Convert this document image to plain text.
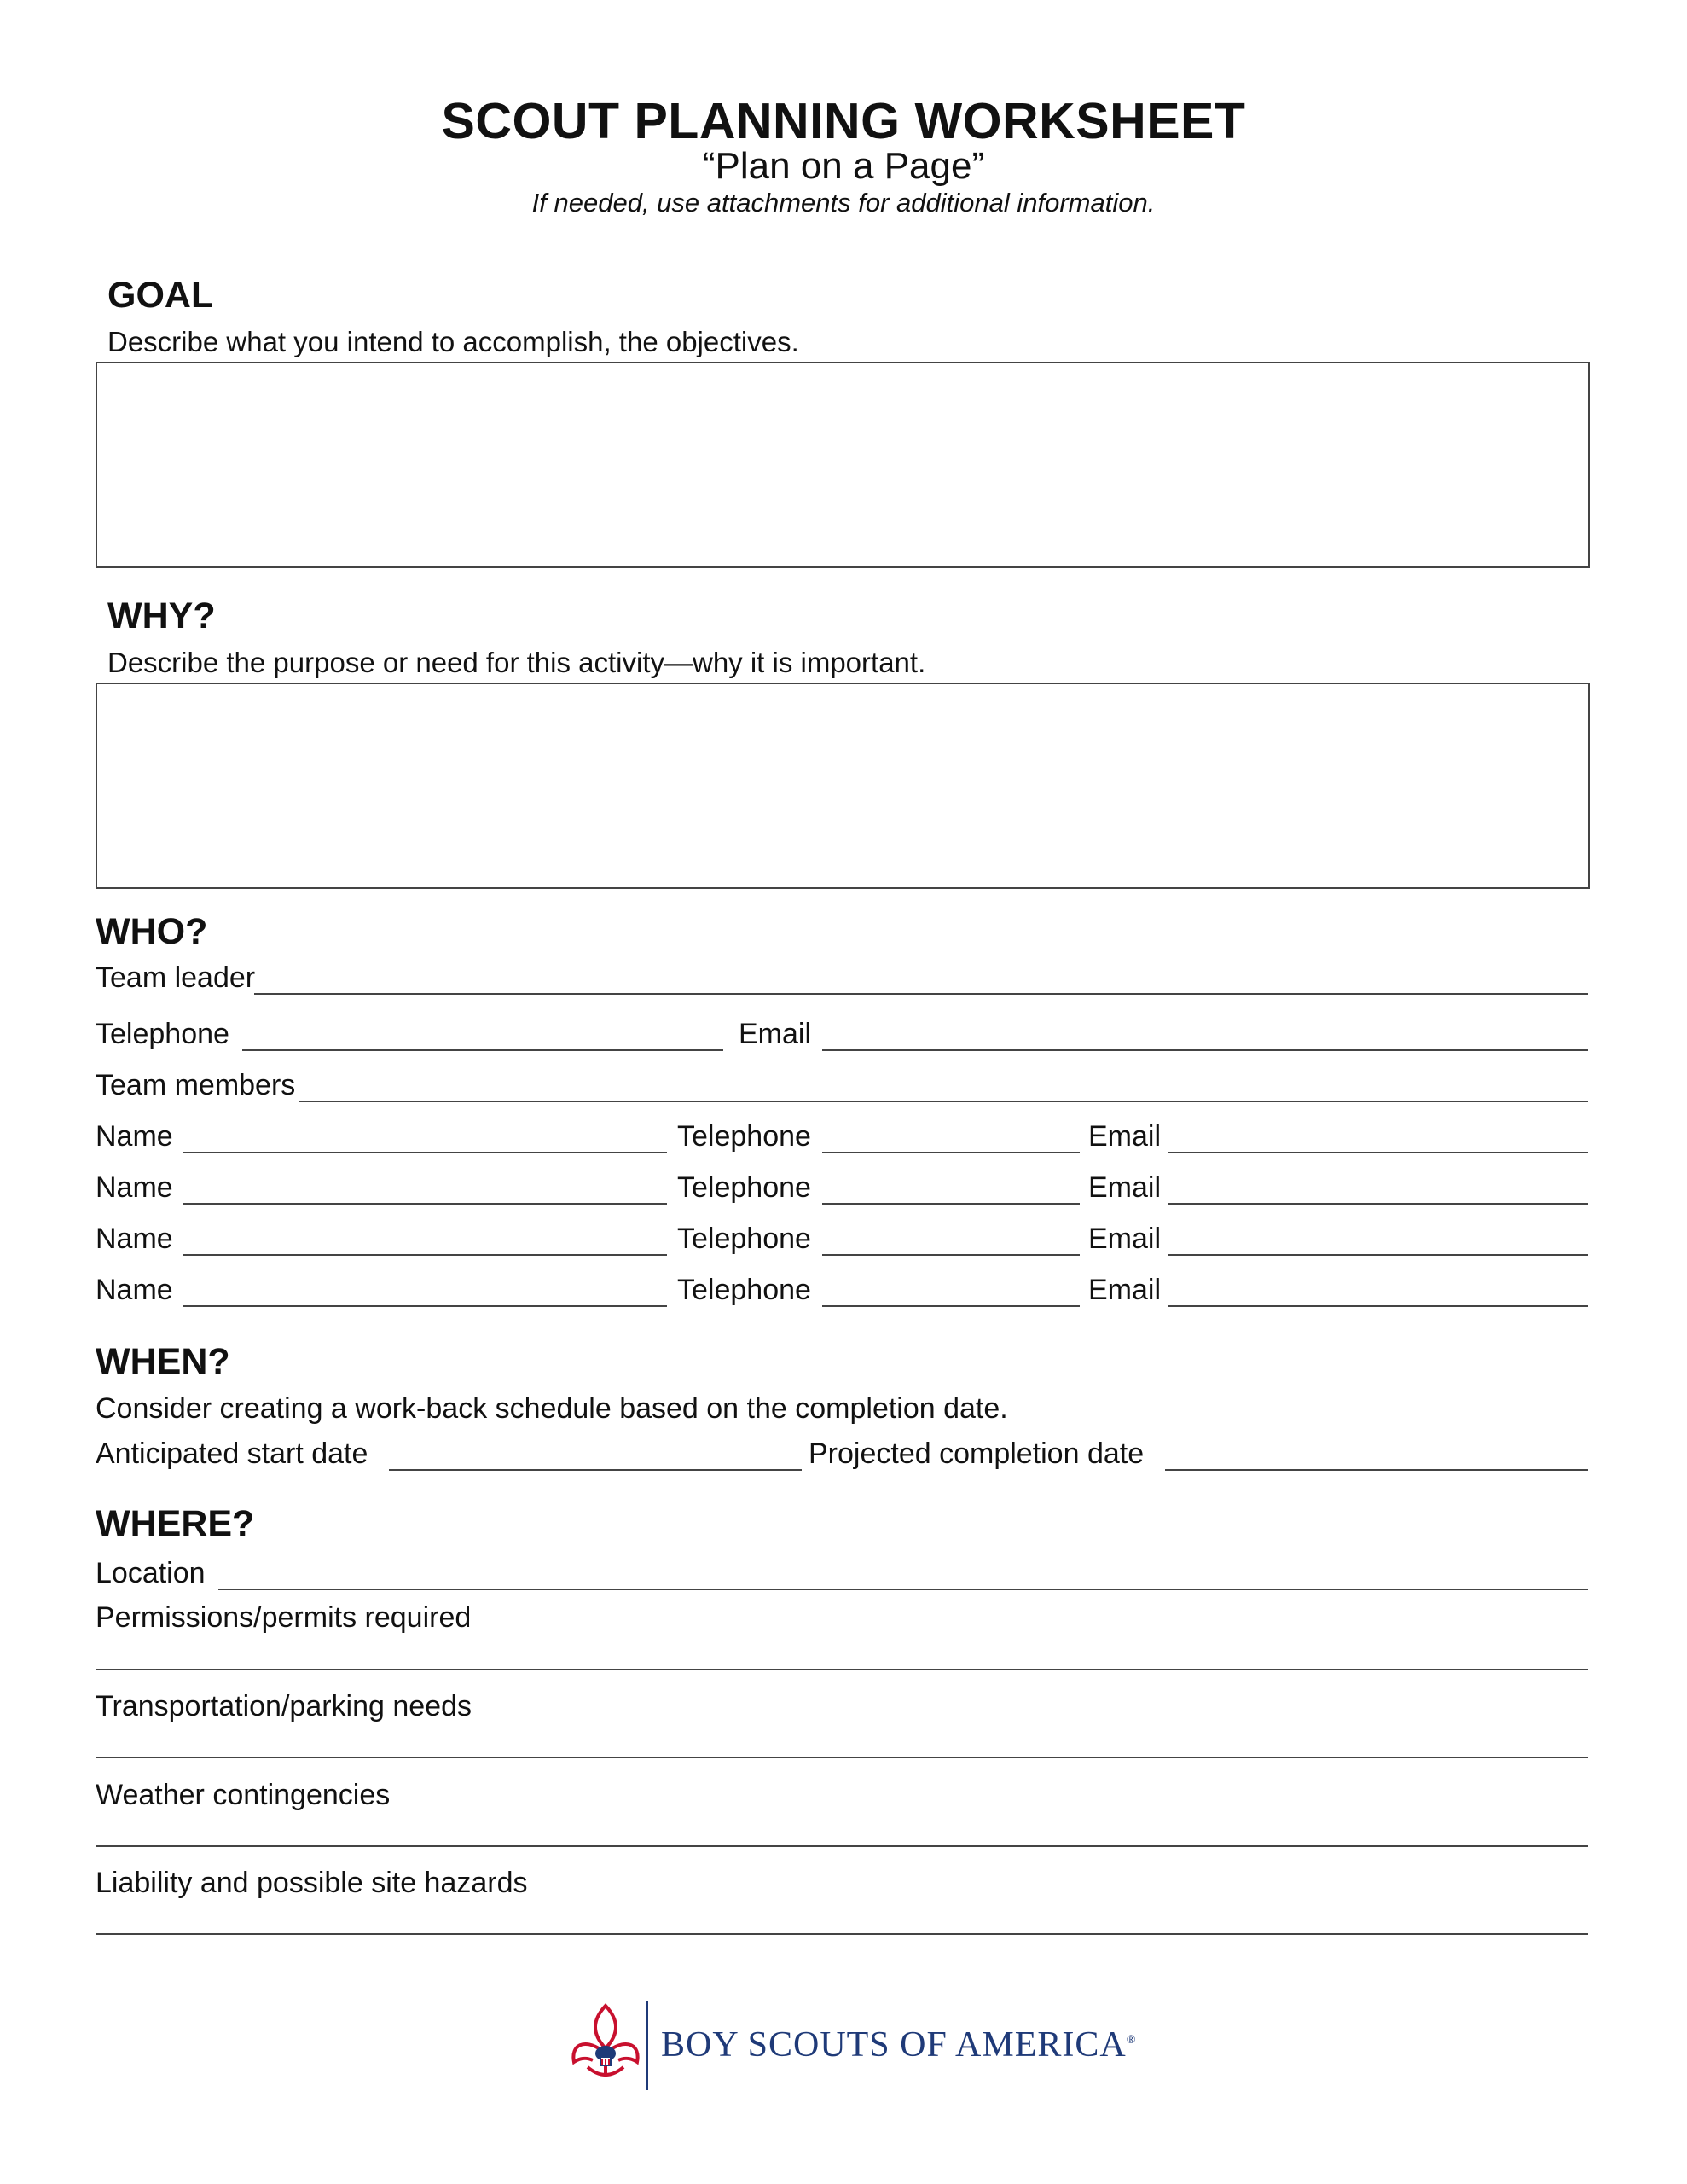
SCOUT PLANNING WORKSHEET
“Plan on a Page”
If needed, use attachments for additional information.
GOAL
Describe what you intend to accomplish, the objectives.
WHY?
Describe the purpose or need for this activity—why it is important.
WHO?
Team leader
Telephone	Email
Team members
Name	Telephone	Email
Name	Telephone	Email
Name	Telephone	Email
Name	Telephone	Email
WHEN?
Consider creating a work-back schedule based on the completion date.
Anticipated start date	Projected completion date
WHERE?
Location
Permissions/permits required
Transportation/parking needs
Weather contingencies
Liability and possible site hazards
BOY SCOUTS OF AMERICA®
